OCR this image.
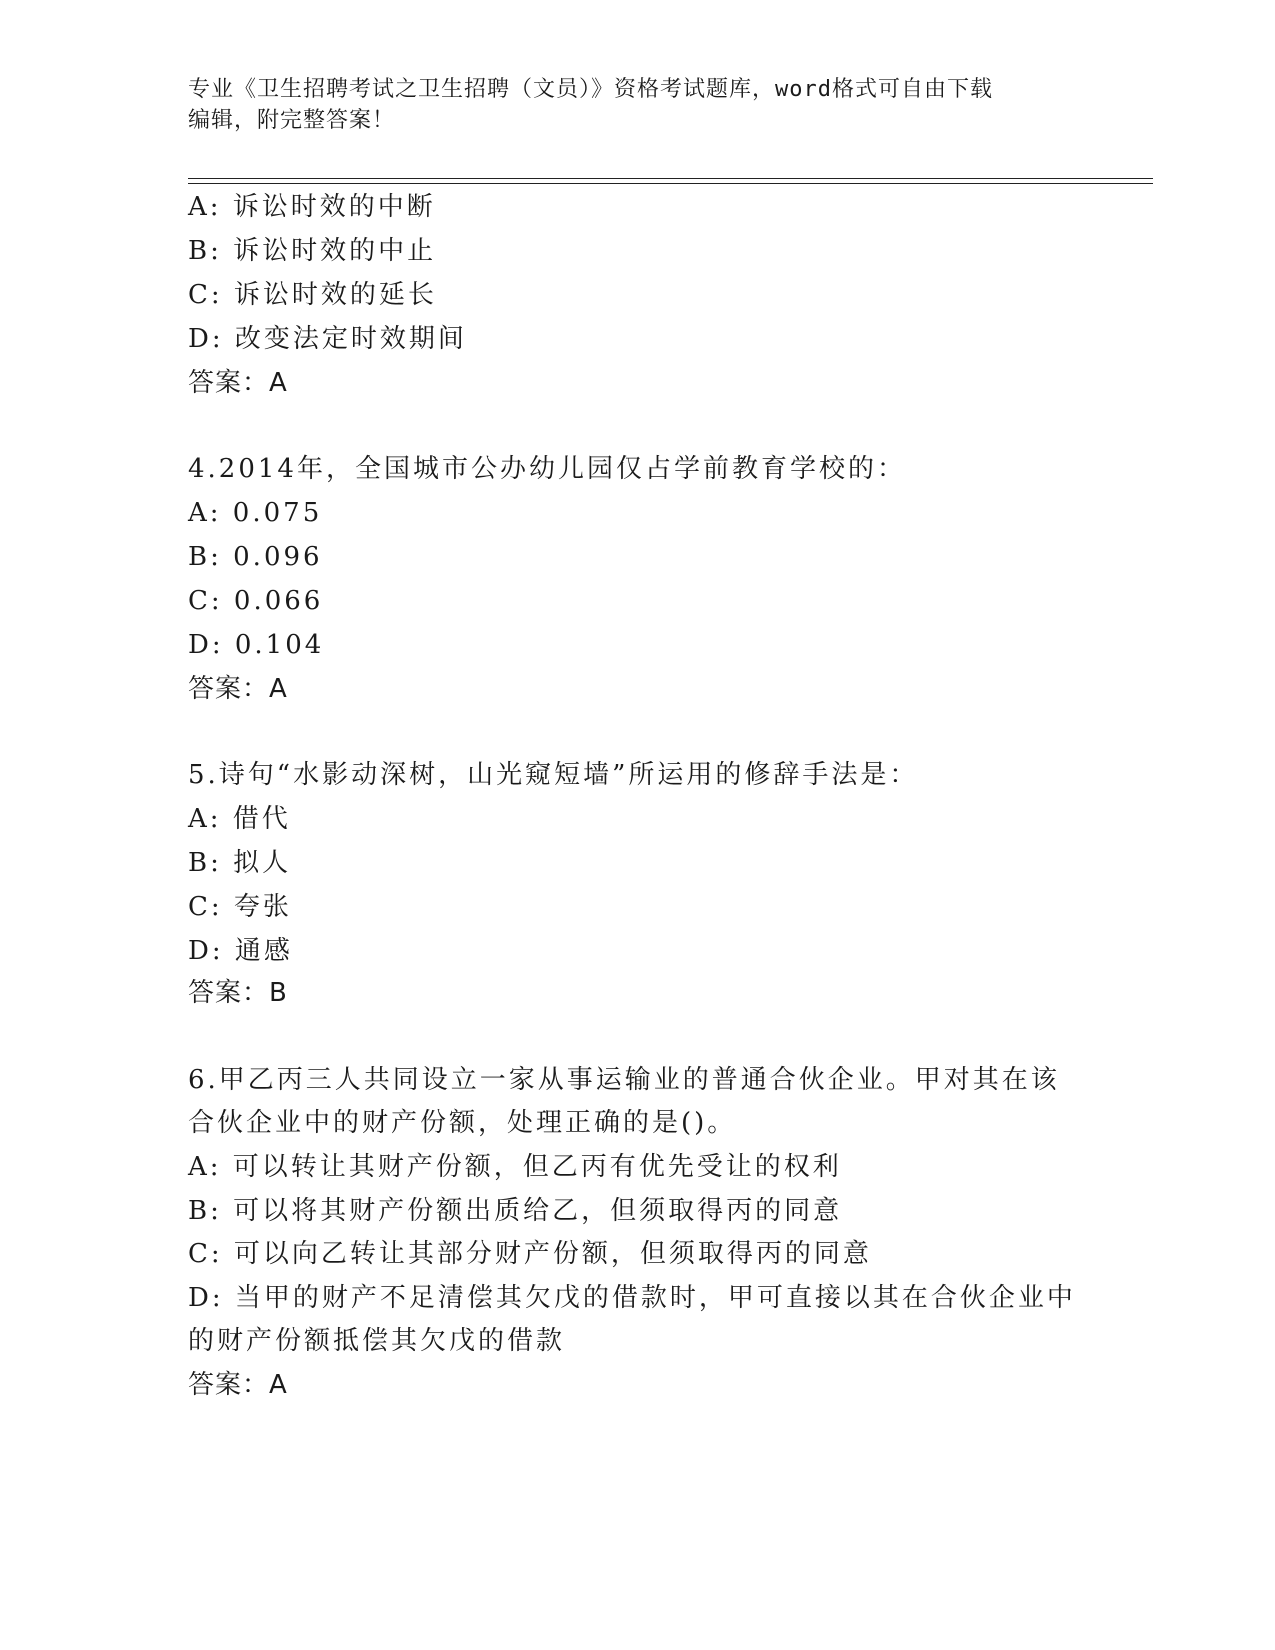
专业《卫生招聘考试之卫生招聘（文员）》资格考试题库，word格式可自由下载
编辑，附完整答案！
A: 诉讼时效的中断
B: 诉讼时效的中止
C: 诉讼时效的延长
D: 改变法定时效期间
答案：A
4.2014年，全国城市公办幼儿园仅占学前教育学校的：
A: 0.075
B: 0.096
C: 0.066
D: 0.104
答案：A
5.诗句“水影动深树，山光窥短墙”所运用的修辞手法是：
A: 借代
B: 拟人
C: 夸张
D: 通感
答案：B
6.甲乙丙三人共同设立一家从事运输业的普通合伙企业。甲对其在该
合伙企业中的财产份额，处理正确的是()。
A: 可以转让其财产份额，但乙丙有优先受让的权利
B: 可以将其财产份额出质给乙，但须取得丙的同意
C: 可以向乙转让其部分财产份额，但须取得丙的同意
D: 当甲的财产不足清偿其欠戊的借款时，甲可直接以其在合伙企业中
的财产份额抵偿其欠戊的借款
答案：A
